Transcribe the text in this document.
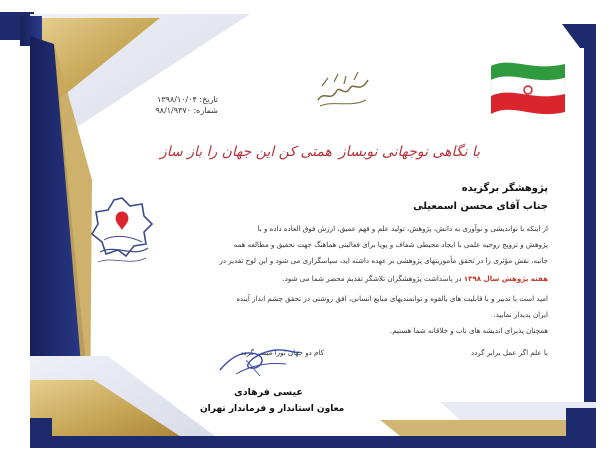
تاریخ: ۱۳۹۸/۱۰/۰۴
شماره: ۹۸/۱/۹۳۷۰
همتی کن این جهان را باز ساز با نگاهی نوجهانی نوبساز
پژوهشگر برگزیده
جناب آقای محسن اسمعیلی
از اینکه با نواندیشی و نوآوری به دانش، پژوهش، تولید علم و فهم عمیق، ارزش فوق العاده داده و با
پژوهش و ترویج روحیه علمی با ایجاد محیطی شفاف و پویا برای فعالیتی هماهنگ جهت تحقیق و مطالعه همه
جانبه، نقش مؤثری را در تحقق مأموریتهای پژوهشی بر عهده داشته اید، سپاسگزاری می شود و این لوح تقدیر در
هفته پژوهش سال ۱۳۹۸ در پاسداشت پژوهشگران تلاشگر تقدیم محضر شما می شود.
امید است با تدبیر و با قابلیت های بالقوه و توانمندیهای منابع انسانی، افق روشنی در تحقق چشم انداز آینده
ایران پدیدار نمایید.
همچنان پذیرای اندیشه های ناب و خلاقانه شما هستیم.
با علم اگر عمل برابر گردد
کام دو جهان تورا میسر گردد
عیسی فرهادی
معاون استاندار و فرماندار تهران
